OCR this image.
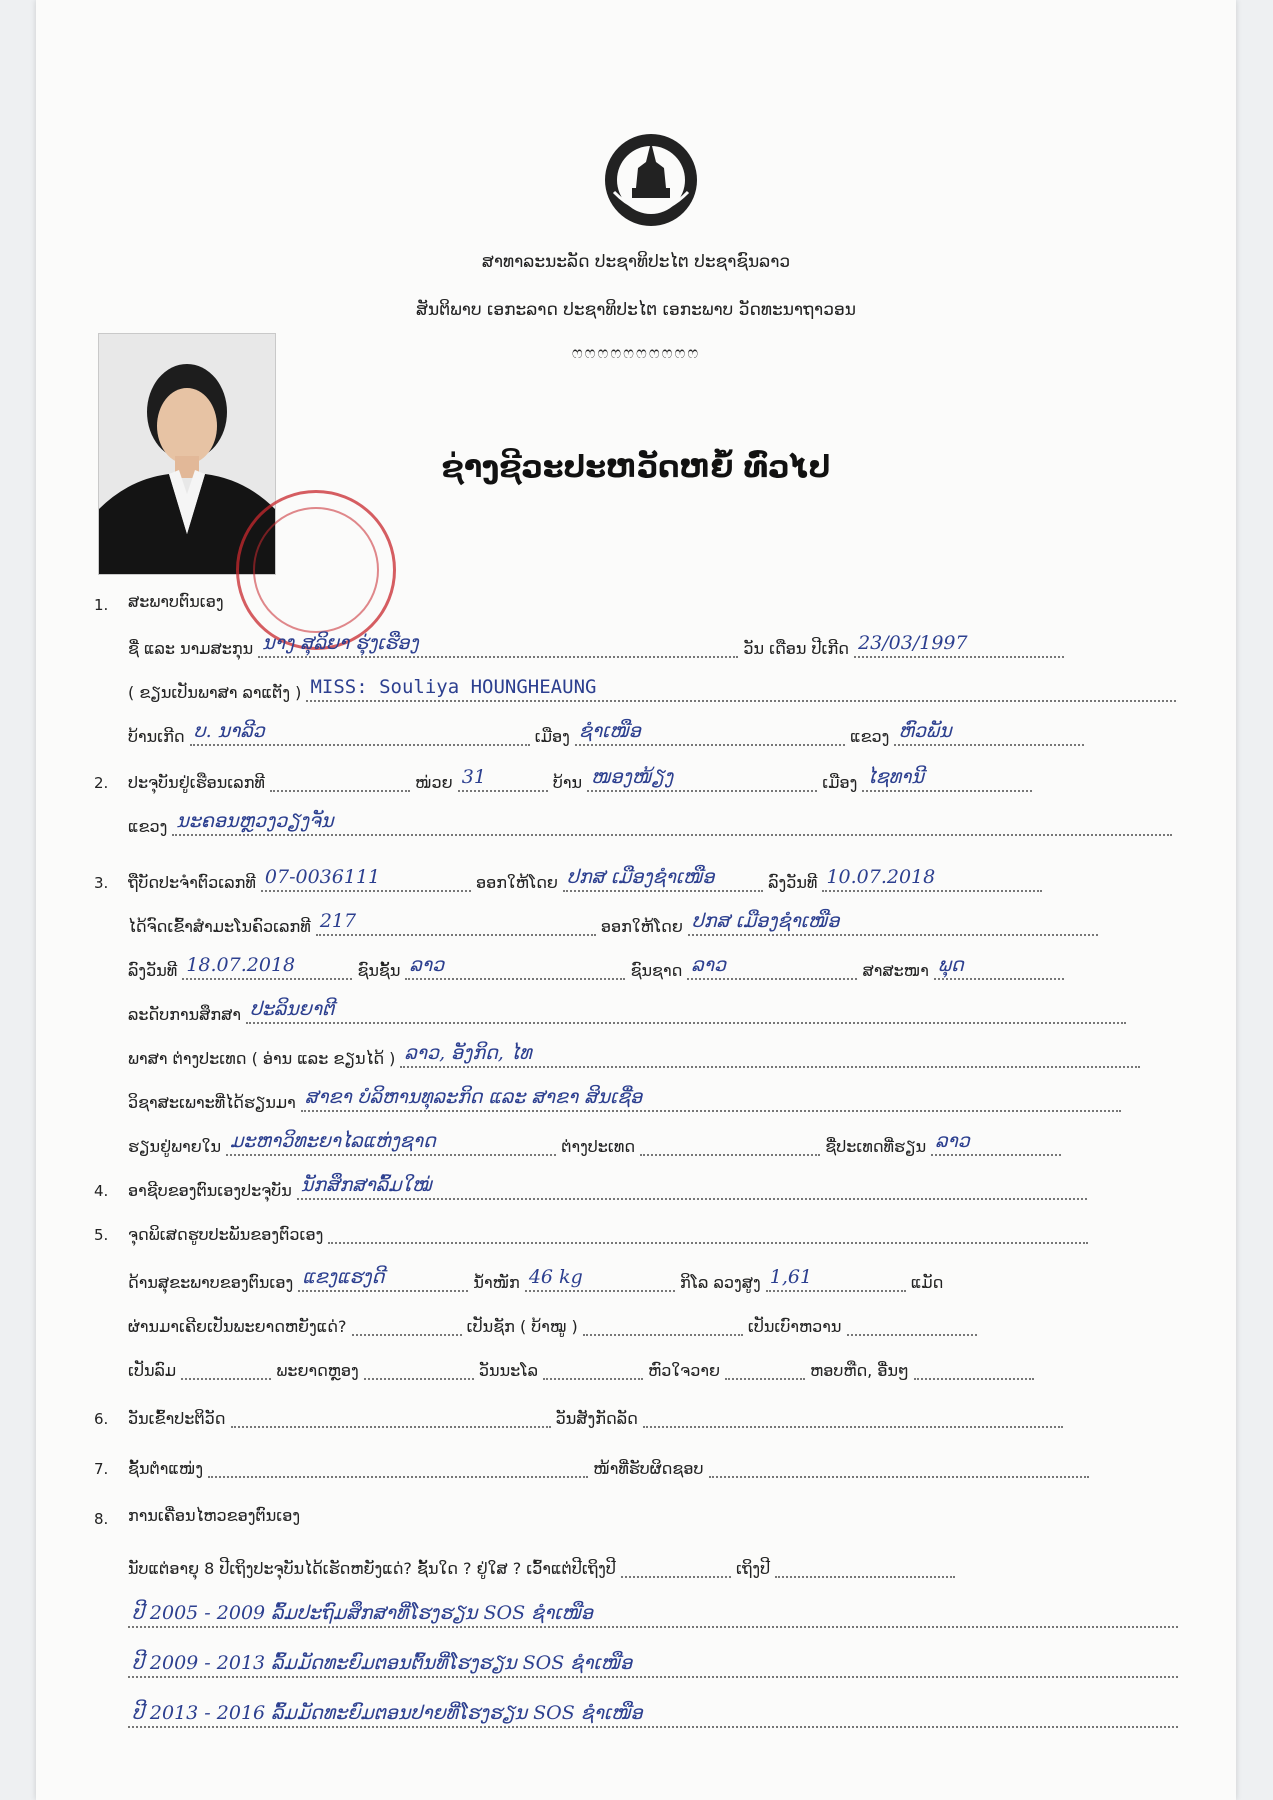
ສາທາລະນະລັດ ປະຊາທິປະໄຕ ປະຊາຊົນລາວ
ສັນຕິພາບ ເອກະລາດ ປະຊາທິປະໄຕ ເອກະພາບ ວັດທະນາຖາວອນ
ෆෆෆෆෆෆෆෆෆෆ
ຊ່າງຊີວະປະຫວັດຫຍໍ້ ທົ່ວໄປ
1. ສະພາບຕົນເອງ
ຊື່ ແລະ ນາມສະກຸນ ນາງ ສຸລິຍາ ຮຸ່ງເຮືອງ	ວັນ ເດືອນ ປີເກີດ 23/03/1997
( ຂຽນເປັນພາສາ ລາແຕັງ ) MISS: Souliya HOUNGHEAUNG
ບ້ານເກີດ ບ. ນາລີວ	ເມືອງ ຊຳເໜືອ	ແຂວງ ຫົວພັນ
2. ປະຈຸບັນຢູ່ເຮືອນເລກທີ	ໜ່ວຍ 31	ບ້ານ ໜອງໜ້ຽງ	ເມືອງ ໄຊທານີ
ແຂວງ ນະຄອນຫຼວງວຽງຈັນ
3. ຖືບັດປະຈຳຕົວເລກທີ 07-0036111	ອອກໃຫ້ໂດຍ ປກສ ເມືອງຊຳເໜືອ	ລົງວັນທີ 10.07.2018
ໄດ້ຈົດເຂົ້າສຳມະໂນຄົວເລກທີ 217	ອອກໃຫ້ໂດຍ ປກສ ເມືອງຊຳເໜືອ
ລົງວັນທີ 18.07.2018	ຊົນຊັ້ນ ລາວ	ຊົນຊາດ ລາວ	ສາສະໜາ ພຸດ
ລະດັບການສຶກສາ ປະລິນຍາຕີ
ພາສາ ຕ່າງປະເທດ ( ອ່ານ ແລະ ຂຽນໄດ້ ) ລາວ, ອັງກິດ, ໄທ
ວິຊາສະເພາະທີ່ໄດ້ຮຽນມາ ສາຂາ ບໍລິຫານທຸລະກິດ ແລະ ສາຂາ ສິນເຊື່ອ
ຮຽນຢູ່ພາຍໃນ ມະຫາວິທະຍາໄລແຫ່ງຊາດ	ຕ່າງປະເທດ	ຊື່ປະເທດທີ່ຮຽນ ລາວ
4. ອາຊີບຂອງຕົນເອງປະຈຸບັນ ນັກສຶກສາລົ້ມໃໝ່
5. ຈຸດພິເສດຮູບປະພັນຂອງຕົວເອງ
ດ້ານສຸຂະພາບຂອງຕົນເອງ ແຂງແຮງດີ	ນ້ຳໜັກ 46 kg	ກິໂລ ລວງສູງ 1,61	ແມັດ
ຜ່ານມາເຄີຍເປັນພະຍາດຫຍັງແດ່?	ເປັນຊັກ ( ບ້າໝູ )	ເປັນເບົາຫວານ
ເປັນລົມ	ພະຍາດຫຼອງ	ວັນນະໂລ	ຫົວໃຈວາຍ	ຫອບຫືດ, ອື່ນໆ
6. ວັນເຂົ້າປະຕິວັດ	ວັນສັງກັດລັດ
7. ຊັ້ນຕຳແໜ່ງ	ໜ້າທີ່ຮັບຜິດຊອບ
8. ການເຄື່ອນໄຫວຂອງຕົນເອງ
ນັບແຕ່ອາຍຸ 8 ປີເຖິງປະຈຸບັນໄດ້ເຮັດຫຍັງແດ່? ຊັ້ນໃດ ? ຢູ່ໃສ ? ເວົ້າແຕ່ປີເຖິງປີ	ເຖິງປີ
ປີ 2005 - 2009 ລົ້ມປະຖົມສຶກສາທີ່ໂຮງຮຽນ SOS ຊຳເໜືອ
ປີ 2009 - 2013 ລົ້ມມັດທະຍົມຕອນຕົ້ນທີ່ໂຮງຮຽນ SOS ຊຳເໜືອ
ປີ 2013 - 2016 ລົ້ມມັດທະຍົມຕອນປາຍທີ່ໂຮງຮຽນ SOS ຊຳເໜືອ
